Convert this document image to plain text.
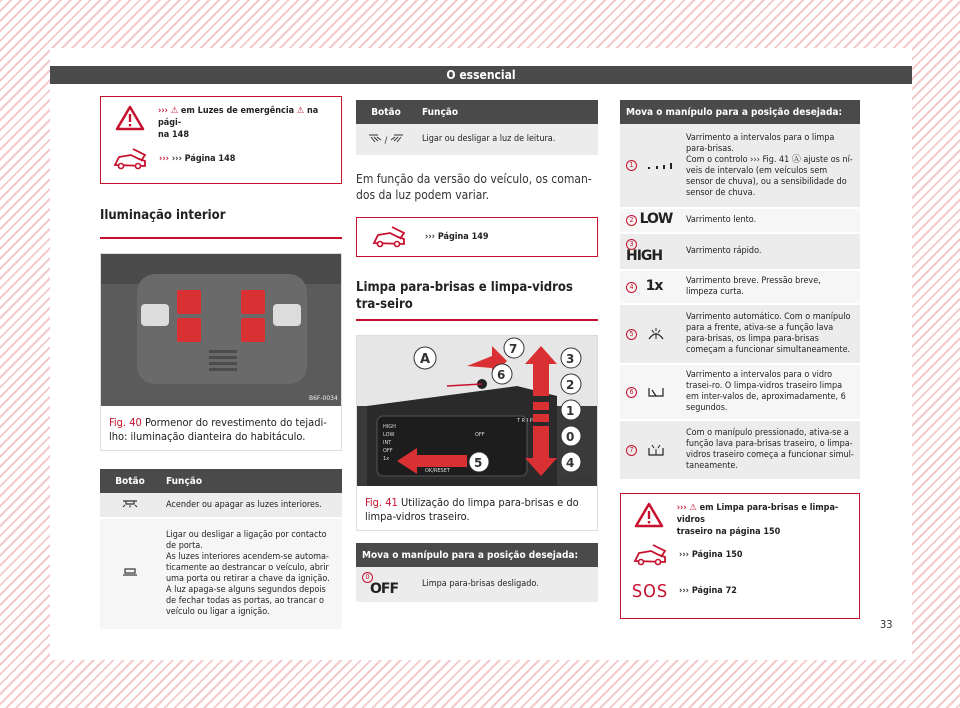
O essencial
››› ⚠ em Luzes de emergência ⚠ na pági-
na 148
››› ››› Página 148
Iluminação interior
B6F-0034
Fig. 40 Pormenor do revestimento do tejadi-lho: iluminação dianteira do habitáculo.
Botão	Função
	Acender ou apagar as luzes interiores.
	Ligar ou desligar a ligação por contacto de porta.
As luzes interiores acendem-se automa-ticamente ao destrancar o veículo, abrir uma porta ou retirar a chave da ignição. A luz apaga-se alguns segundos depois de fechar todas as portas, ao trancar o veículo ou ligar a ignição.
Botão	Função
/	Ligar ou desligar a luz de leitura.
Em função da versão do veículo, os coman-dos da luz podem variar.
››› Página 149
Limpa para-brisas e limpa-vidros tra-seiro
A
7
6
3
2
1
0
4
5
HIGH
LOW
INT
OFF
1x
OK/RESET
OFF
T R I P
B5F-0348
Fig. 41 Utilização do limpa para-brisas e do limpa-vidros traseiro.
Mova o manípulo para a posição desejada:
0 OFF	Limpa para-brisas desligado.
Mova o manípulo para a posição desejada:	
1	Varrimento a intervalos para o limpa para-brisas.
Com o controlo ››› Fig. 41 Ⓐ ajuste os ní-veis de intervalo (em veículos sem sensor de chuva), ou a sensibilidade do sensor de chuva.
2 LOW	Varrimento lento.
3 HIGH	Varrimento rápido.
4 1x	Varrimento breve. Pressão breve, limpeza curta.
5	Varrimento automático. Com o manípulo para a frente, ativa-se a função lava para-brisas, os limpa para-brisas começam a funcionar simultaneamente.
6	Varrimento a intervalos para o vidro trasei-ro. O limpa-vidros traseiro limpa em inter-valos de, aproximadamente, 6 segundos.
7	Com o manípulo pressionado, ativa-se a função lava para-brisas traseiro, o limpa-vidros traseiro começa a funcionar simul-taneamente.
››› ⚠ em Limpa para-brisas e limpa-vidros
traseiro na página 150
››› Página 150
SOS ››› Página 72
33
